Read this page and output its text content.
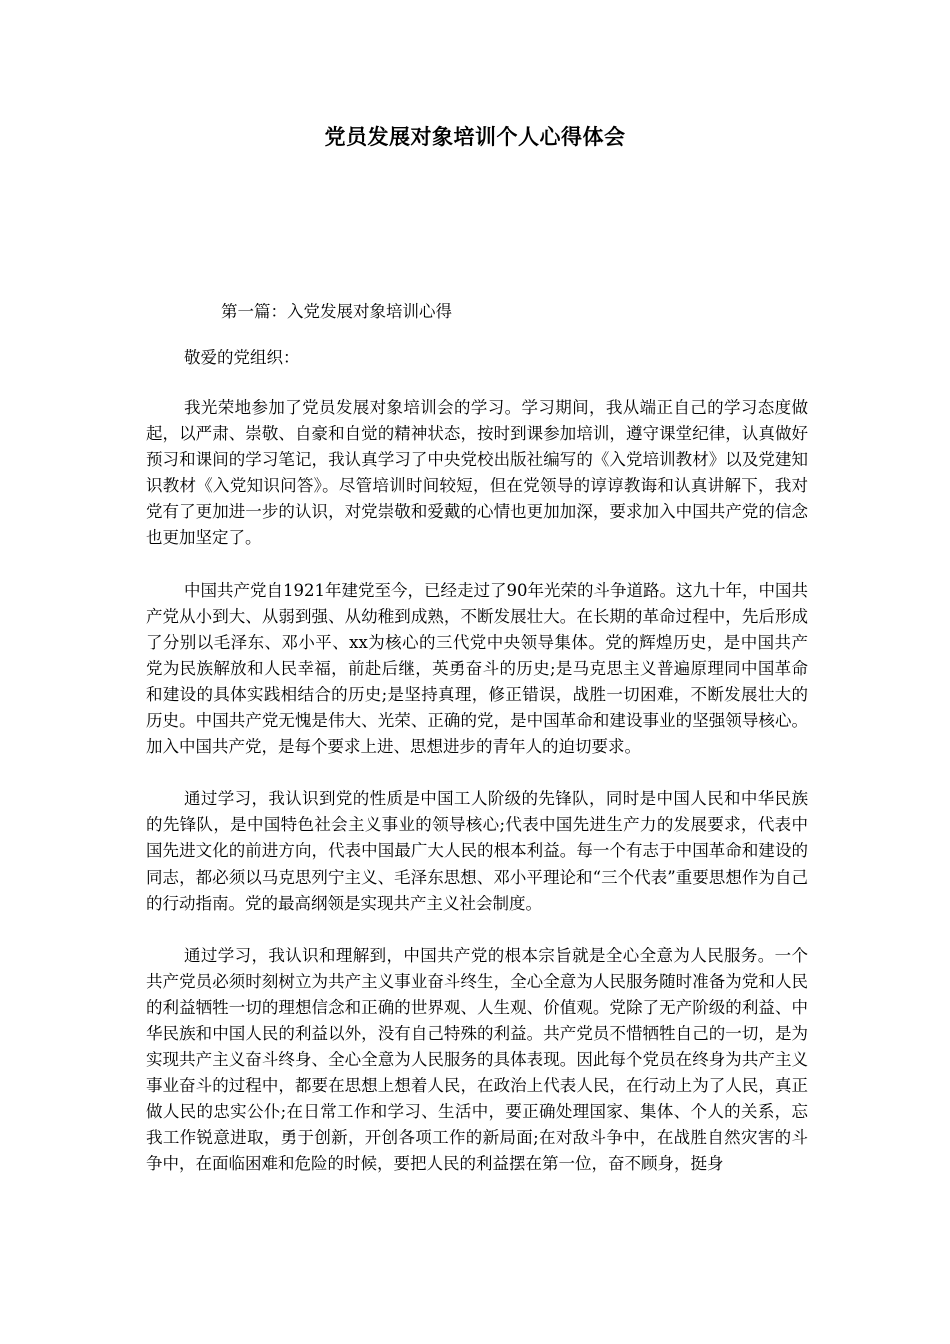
党员发展对象培训个人心得体会
第一篇：入党发展对象培训心得
敬爱的党组织：

我光荣地参加了党员发展对象培训会的学习。学习期间，我从端正自己的学习态度做起，以严肃、崇敬、自豪和自觉的精神状态，按时到课参加培训，遵守课堂纪律，认真做好预习和课间的学习笔记，我认真学习了中央党校出版社编写的《入党培训教材》以及党建知识教材《入党知识问答》。尽管培训时间较短，但在党领导的谆谆教诲和认真讲解下，我对党有了更加进一步的认识，对党崇敬和爱戴的心情也更加加深，要求加入中国共产党的信念也更加坚定了。

中国共产党自1921年建党至今，已经走过了90年光荣的斗争道路。这九十年，中国共产党从小到大、从弱到强、从幼稚到成熟，不断发展壮大。在长期的革命过程中，先后形成了分别以毛泽东、邓小平、xx为核心的三代党中央领导集体。党的辉煌历史，是中国共产党为民族解放和人民幸福，前赴后继，英勇奋斗的历史;是马克思主义普遍原理同中国革命和建设的具体实践相结合的历史;是坚持真理，修正错误，战胜一切困难，不断发展壮大的历史。中国共产党无愧是伟大、光荣、正确的党，是中国革命和建设事业的坚强领导核心。加入中国共产党，是每个要求上进、思想进步的青年人的迫切要求。

通过学习，我认识到党的性质是中国工人阶级的先锋队，同时是中国人民和中华民族的先锋队，是中国特色社会主义事业的领导核心;代表中国先进生产力的发展要求，代表中国先进文化的前进方向，代表中国最广大人民的根本利益。每一个有志于中国革命和建设的同志，都必须以马克思列宁主义、毛泽东思想、邓小平理论和“三个代表”重要思想作为自己的行动指南。党的最高纲领是实现共产主义社会制度。

通过学习，我认识和理解到，中国共产党的根本宗旨就是全心全意为人民服务。一个共产党员必须时刻树立为共产主义事业奋斗终生，全心全意为人民服务随时准备为党和人民的利益牺牲一切的理想信念和正确的世界观、人生观、价值观。党除了无产阶级的利益、中华民族和中国人民的利益以外，没有自己特殊的利益。共产党员不惜牺牲自己的一切，是为实现共产主义奋斗终身、全心全意为人民服务的具体表现。因此每个党员在终身为共产主义事业奋斗的过程中，都要在思想上想着人民，在政治上代表人民，在行动上为了人民，真正做人民的忠实公仆;在日常工作和学习、生活中，要正确处理国家、集体、个人的关系，忘我工作锐意进取，勇于创新，开创各项工作的新局面;在对敌斗争中，在战胜自然灾害的斗争中，在面临困难和危险的时候，要把人民的利益摆在第一位，奋不顾身，挺身
